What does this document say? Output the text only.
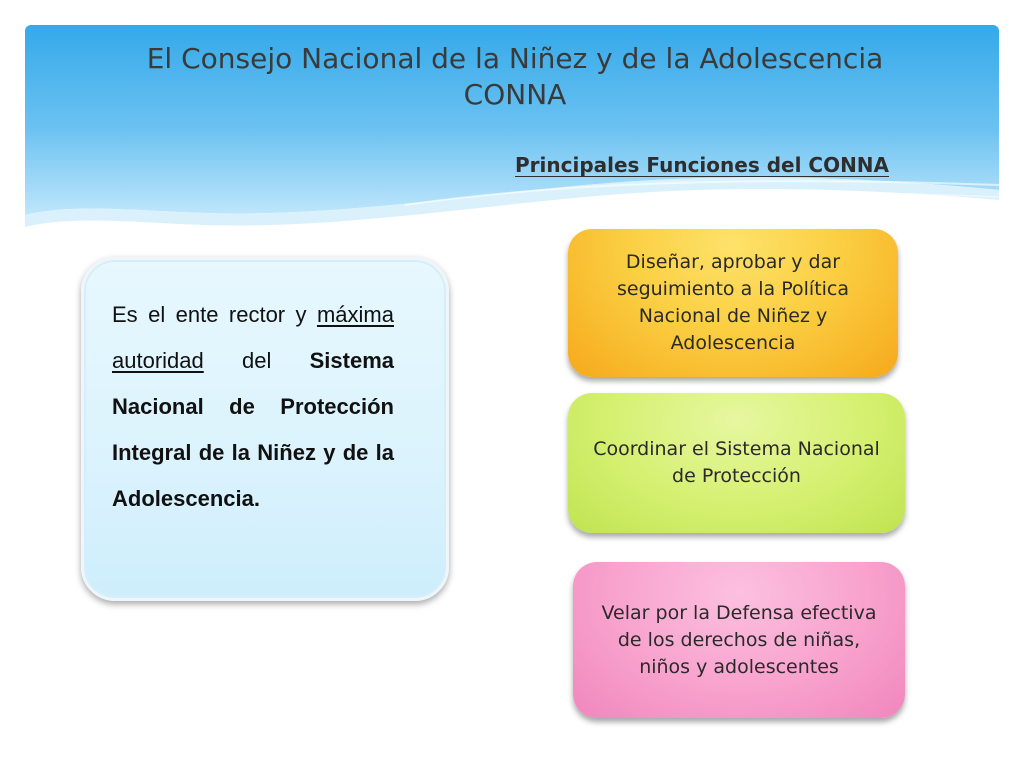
El Consejo Nacional de la Niñez y de la Adolescencia
CONNA
Principales Funciones del CONNA
Diseñar, aprobar y dar seguimiento a la Política Nacional de Niñez y Adolescencia
Coordinar el Sistema Nacional de Protección
Velar por la Defensa efectiva de los derechos de niñas, niños y adolescentes
Es el ente rector y máxima autoridad del Sistema Nacional de Protección Integral de la Niñez y de la Adolescencia.
